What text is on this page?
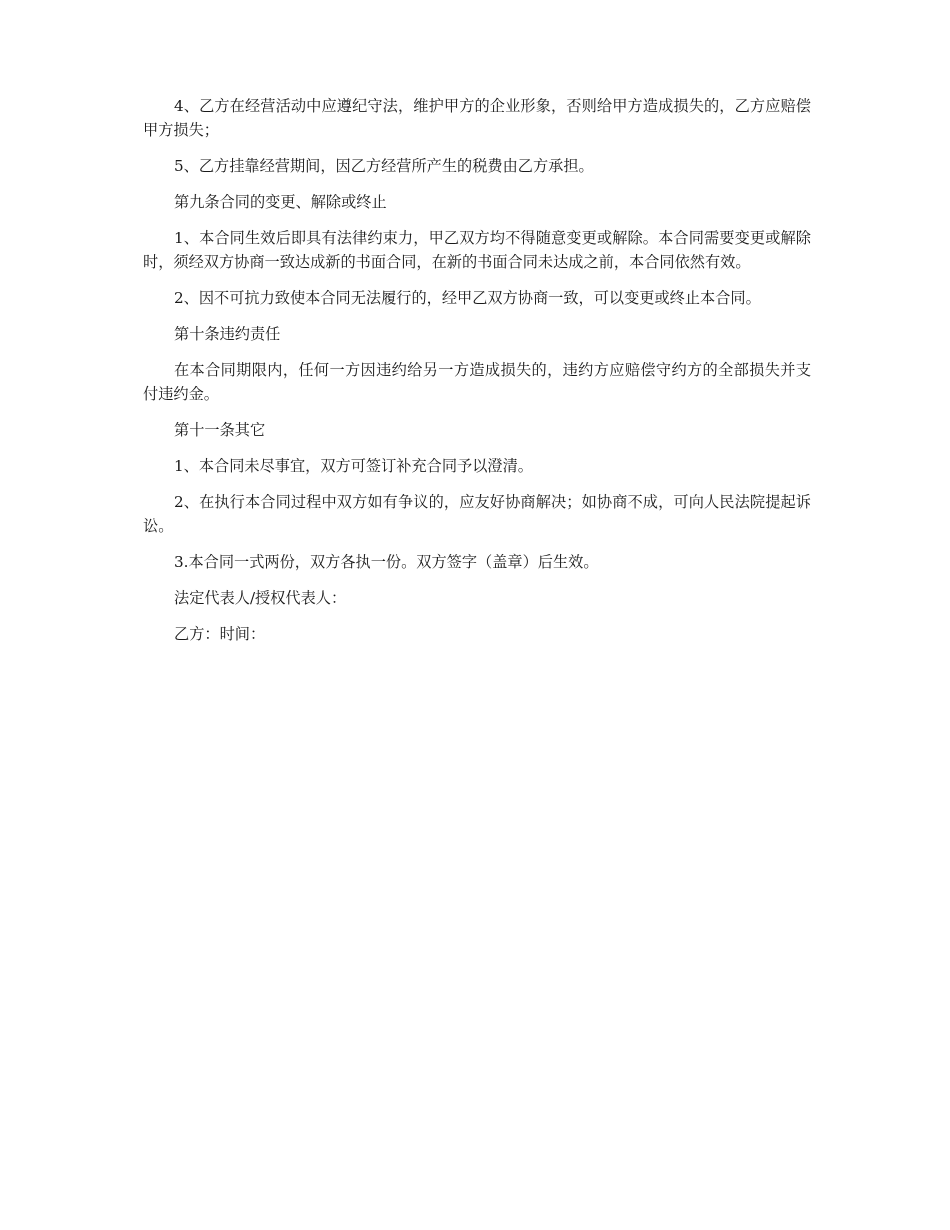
4、乙方在经营活动中应遵纪守法，维护甲方的企业形象，否则给甲方造成损失的，乙方应赔偿甲方损失；

5、乙方挂靠经营期间，因乙方经营所产生的税费由乙方承担。

第九条合同的变更、解除或终止

1、本合同生效后即具有法律约束力，甲乙双方均不得随意变更或解除。本合同需要变更或解除时，须经双方协商一致达成新的书面合同，在新的书面合同未达成之前，本合同依然有效。

2、因不可抗力致使本合同无法履行的，经甲乙双方协商一致，可以变更或终止本合同。

第十条违约责任

在本合同期限内，任何一方因违约给另一方造成损失的，违约方应赔偿守约方的全部损失并支付违约金。

第十一条其它

1、本合同未尽事宜，双方可签订补充合同予以澄清。

2、在执行本合同过程中双方如有争议的，应友好协商解决；如协商不成，可向人民法院提起诉讼。

3.本合同一式两份，双方各执一份。双方签字（盖章）后生效。

法定代表人/授权代表人：

乙方：时间：
